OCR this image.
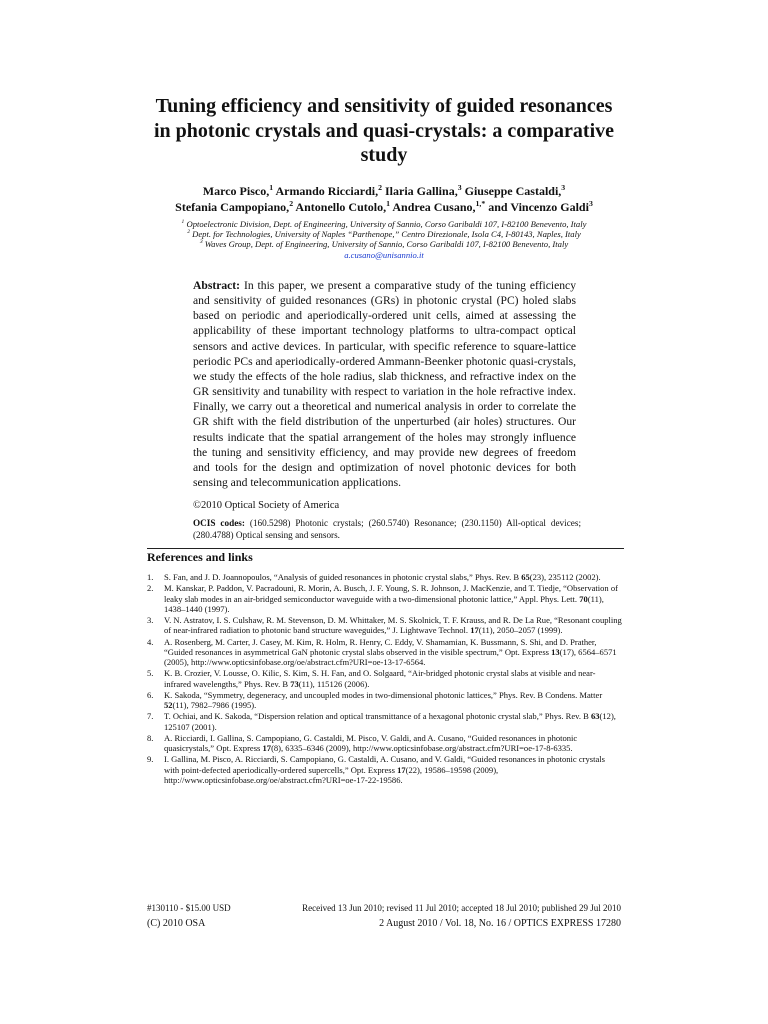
Tuning efficiency and sensitivity of guided resonances in photonic crystals and quasi-crystals: a comparative study
Marco Pisco,$^1$ Armando Ricciardi,$^2$ Ilaria Gallina,$^3$ Giuseppe Castaldi,$^3$
Stefania Campopiano,$^2$ Antonello Cutolo,$^1$ Andrea Cusano,$^{1,*}$ and Vincenzo Galdi$^3$
$^1$ Optoelectronic Division, Dept. of Engineering, University of Sannio, Corso Garibaldi 107, I-82100 Benevento, Italy
$^2$ Dept. for Technologies, University of Naples “Parthenope,” Centro Direzionale, Isola C4, I-80143, Naples, Italy
$^3$ Waves Group, Dept. of Engineering, University of Sannio, Corso Garibaldi 107, I-82100 Benevento, Italy
a.cusano@unisannio.it

Abstract: In this paper, we present a comparative study of the tuning efficiency and sensitivity of guided resonances (GRs) in photonic crystal (PC) holed slabs based on periodic and aperiodically-ordered unit cells, aimed at assessing the applicability of these important technology platforms to ultra-compact optical sensors and active devices. In particular, with specific reference to square-lattice periodic PCs and aperiodically-ordered Ammann-Beenker photonic quasi-crystals, we study the effects of the hole radius, slab thickness, and refractive index on the GR sensitivity and tunability with respect to variation in the hole refractive index. Finally, we carry out a theoretical and numerical analysis in order to correlate the GR shift with the field distribution of the unperturbed (air holes) structures. Our results indicate that the spatial arrangement of the holes may strongly influence the tuning and sensitivity efficiency, and may provide new degrees of freedom and tools for the design and optimization of novel photonic devices for both sensing and telecommunication applications.

©2010 Optical Society of America
OCIS codes: (160.5298) Photonic crystals; (260.5740) Resonance; (230.1150) All-optical devices; (280.4788) Optical sensing and sensors.
References and links
1. S. Fan, and J. D. Joannopoulos, “Analysis of guided resonances in photonic crystal slabs,” Phys. Rev. B 65(23), 235112 (2002).
2. M. Kanskar, P. Paddon, V. Pacradouni, R. Morin, A. Busch, J. F. Young, S. R. Johnson, J. MacKenzie, and T. Tiedje, “Observation of leaky slab modes in an air-bridged semiconductor waveguide with a two-dimensional photonic lattice,” Appl. Phys. Lett. 70(11), 1438–1440 (1997).
3. V. N. Astratov, I. S. Culshaw, R. M. Stevenson, D. M. Whittaker, M. S. Skolnick, T. F. Krauss, and R. De La Rue, “Resonant coupling of near-infrared radiation to photonic band structure waveguides,” J. Lightwave Technol. 17(11), 2050–2057 (1999).
4. A. Rosenberg, M. Carter, J. Casey, M. Kim, R. Holm, R. Henry, C. Eddy, V. Shamamian, K. Bussmann, S. Shi, and D. Prather, “Guided resonances in asymmetrical GaN photonic crystal slabs observed in the visible spectrum,” Opt. Express 13(17), 6564–6571 (2005), http://www.opticsinfobase.org/oe/abstract.cfm?URI=oe-13-17-6564.
5. K. B. Crozier, V. Lousse, O. Kilic, S. Kim, S. H. Fan, and O. Solgaard, “Air-bridged photonic crystal slabs at visible and near-infrared wavelengths,” Phys. Rev. B 73(11), 115126 (2006).
6. K. Sakoda, “Symmetry, degeneracy, and uncoupled modes in two-dimensional photonic lattices,” Phys. Rev. B Condens. Matter 52(11), 7982–7986 (1995).
7. T. Ochiai, and K. Sakoda, “Dispersion relation and optical transmittance of a hexagonal photonic crystal slab,” Phys. Rev. B 63(12), 125107 (2001).
8. A. Ricciardi, I. Gallina, S. Campopiano, G. Castaldi, M. Pisco, V. Galdi, and A. Cusano, “Guided resonances in photonic quasicrystals,” Opt. Express 17(8), 6335–6346 (2009), http://www.opticsinfobase.org/abstract.cfm?URI=oe-17-8-6335.
9. I. Gallina, M. Pisco, A. Ricciardi, S. Campopiano, G. Castaldi, A. Cusano, and V. Galdi, “Guided resonances in photonic crystals with point-defected aperiodically-ordered supercells,” Opt. Express 17(22), 19586–19598 (2009), http://www.opticsinfobase.org/oe/abstract.cfm?URI=oe-17-22-19586.
#130110 - $15.00 USD
(C) 2010 OSA
Received 13 Jun 2010; revised 11 Jul 2010; accepted 18 Jul 2010; published 29 Jul 2010
2 August 2010 / Vol. 18, No. 16 / OPTICS EXPRESS 17280
